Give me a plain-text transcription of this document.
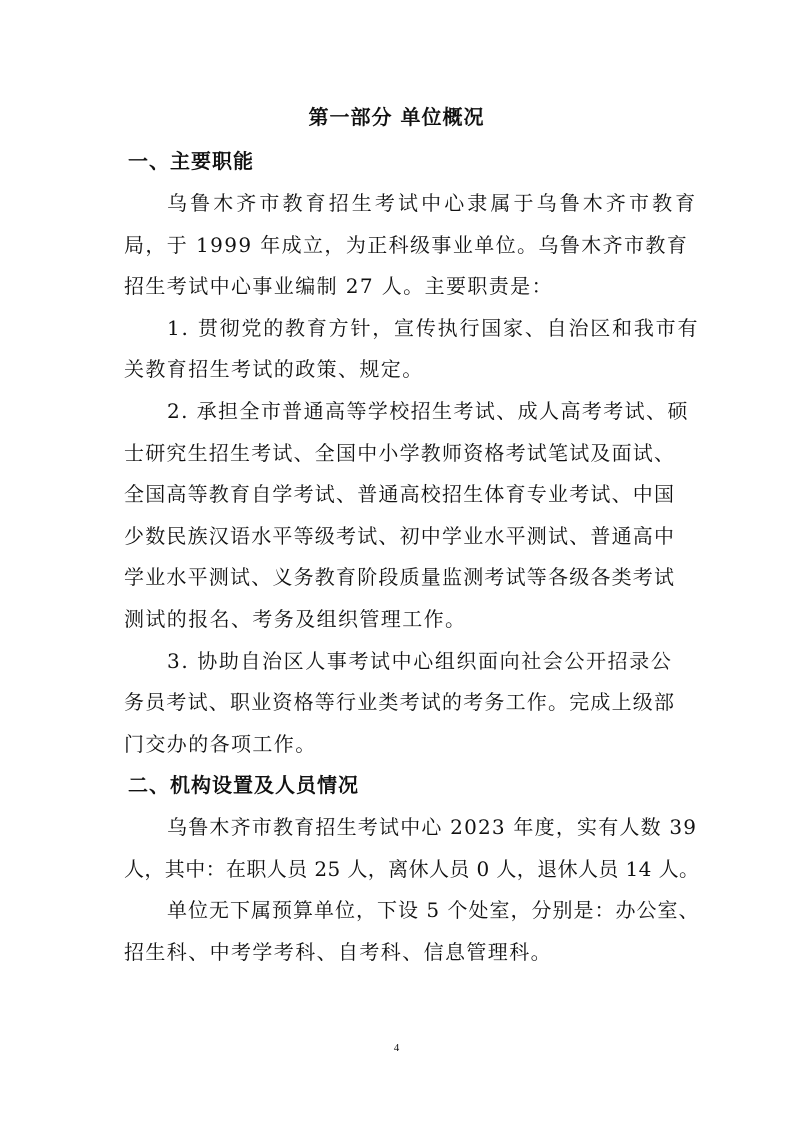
第一部分 单位概况
一、主要职能
乌鲁木齐市教育招生考试中心隶属于乌鲁木齐市教育
局，于 1999 年成立，为正科级事业单位。乌鲁木齐市教育
招生考试中心事业编制 27 人。主要职责是：
1. 贯彻党的教育方针，宣传执行国家、自治区和我市有
关教育招生考试的政策、规定。
2. 承担全市普通高等学校招生考试、成人高考考试、硕
士研究生招生考试、全国中小学教师资格考试笔试及面试、
全国高等教育自学考试、普通高校招生体育专业考试、中国
少数民族汉语水平等级考试、初中学业水平测试、普通高中
学业水平测试、义务教育阶段质量监测考试等各级各类考试
测试的报名、考务及组织管理工作。
3. 协助自治区人事考试中心组织面向社会公开招录公
务员考试、职业资格等行业类考试的考务工作。完成上级部
门交办的各项工作。
二、机构设置及人员情况
乌鲁木齐市教育招生考试中心 2023 年度，实有人数 39
人，其中：在职人员 25 人，离休人员 0 人，退休人员 14 人。
单位无下属预算单位，下设 5 个处室，分别是：办公室、
招生科、中考学考科、自考科、信息管理科。
4
